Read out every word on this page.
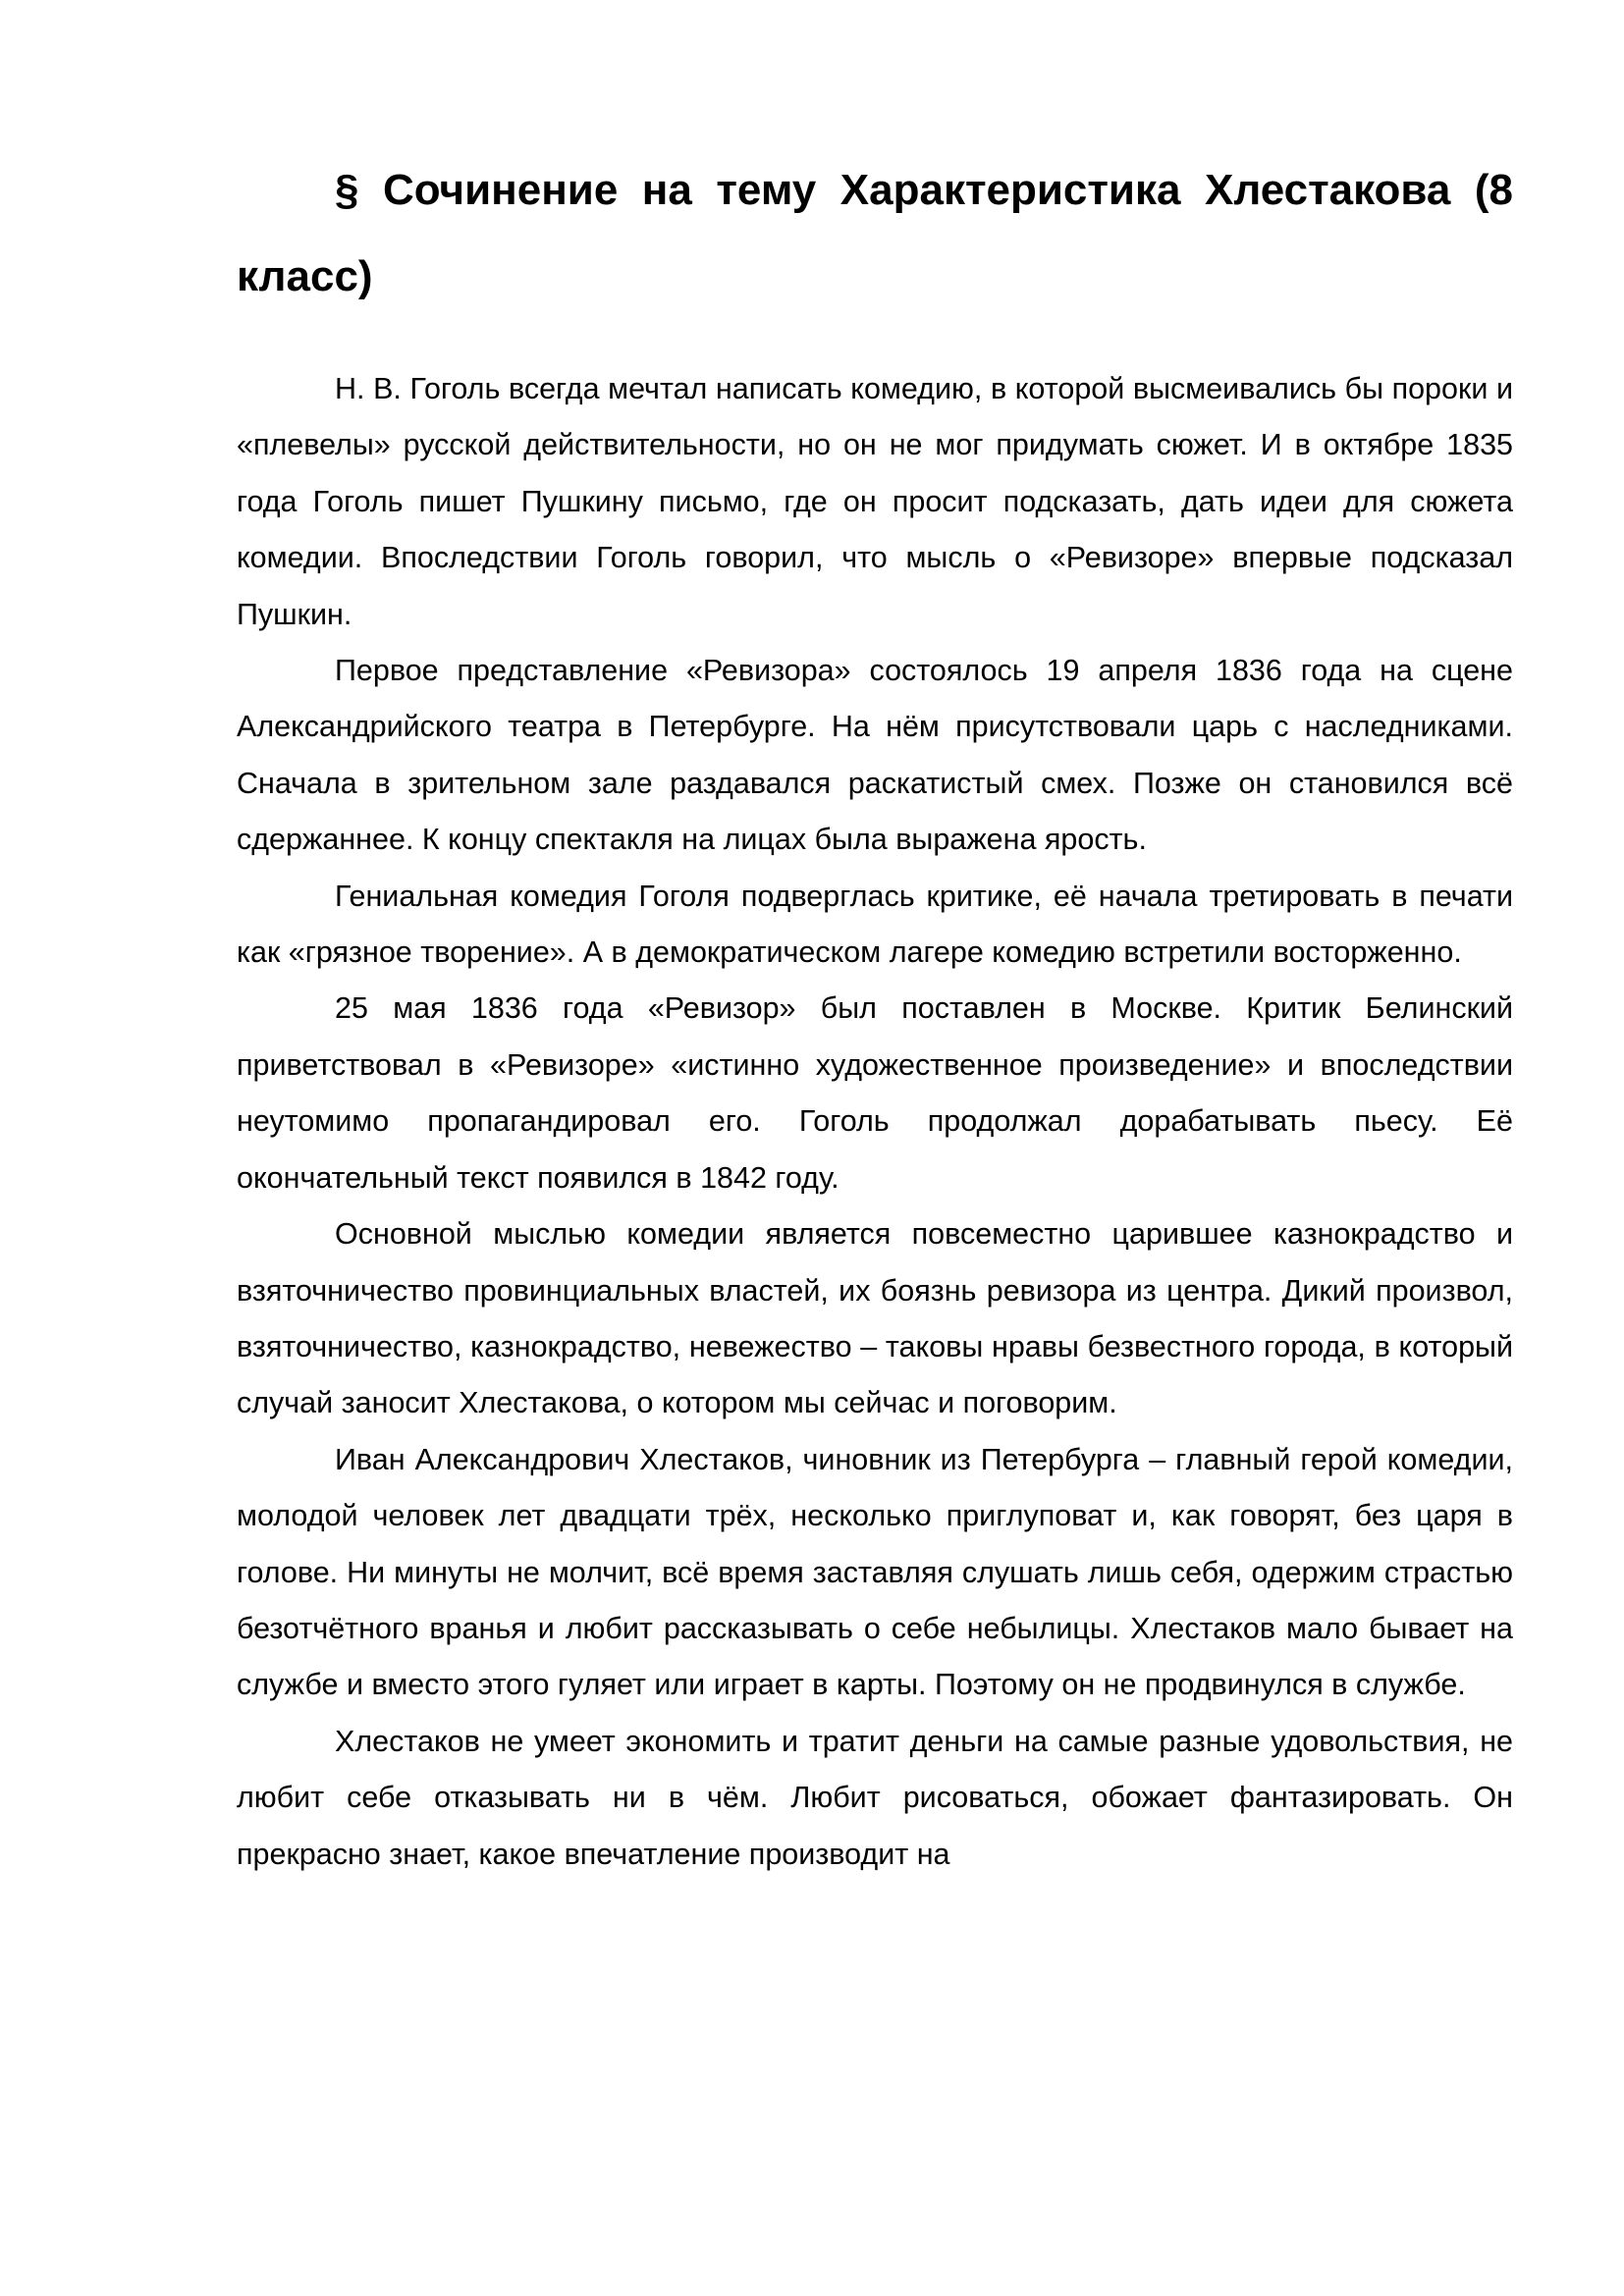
§ Сочинение на тему Характеристика Хлестакова (8 класс)

Н. В. Гоголь всегда мечтал написать комедию, в которой высмеивались бы пороки и «плевелы» русской действительности, но он не мог придумать сюжет. И в октябре 1835 года Гоголь пишет Пушкину письмо, где он просит подсказать, дать идеи для сюжета комедии. Впоследствии Гоголь говорил, что мысль о «Ревизоре» впервые подсказал Пушкин.

Первое представление «Ревизора» состоялось 19 апреля 1836 года на сцене Александрийского театра в Петербурге. На нём присутствовали царь с наследниками. Сначала в зрительном зале раздавался раскатистый смех. Позже он становился всё сдержаннее. К концу спектакля на лицах была выражена ярость.

Гениальная комедия Гоголя подверглась критике, её начала третировать в печати как «грязное творение». А в демократическом лагере комедию встретили восторженно.

25 мая 1836 года «Ревизор» был поставлен в Москве. Критик Белинский приветствовал в «Ревизоре» «истинно художественное произведение» и впоследствии неутомимо пропагандировал его. Гоголь продолжал дорабатывать пьесу. Её окончательный текст появился в 1842 году.

Основной мыслью комедии является повсеместно царившее казнокрадство и взяточничество провинциальных властей, их боязнь ревизора из центра. Дикий произвол, взяточничество, казнокрадство, невежество – таковы нравы безвестного города, в который случай заносит Хлестакова, о котором мы сейчас и поговорим.

Иван Александрович Хлестаков, чиновник из Петербурга – главный герой комедии, молодой человек лет двадцати трёх, несколько приглуповат и, как говорят, без царя в голове. Ни минуты не молчит, всё время заставляя слушать лишь себя, одержим страстью безотчётного вранья и любит рассказывать о себе небылицы. Хлестаков мало бывает на службе и вместо этого гуляет или играет в карты. Поэтому он не продвинулся в службе.

Хлестаков не умеет экономить и тратит деньги на самые разные удовольствия, не любит себе отказывать ни в чём. Любит рисоваться, обожает фантазировать. Он прекрасно знает, какое впечатление производит на
